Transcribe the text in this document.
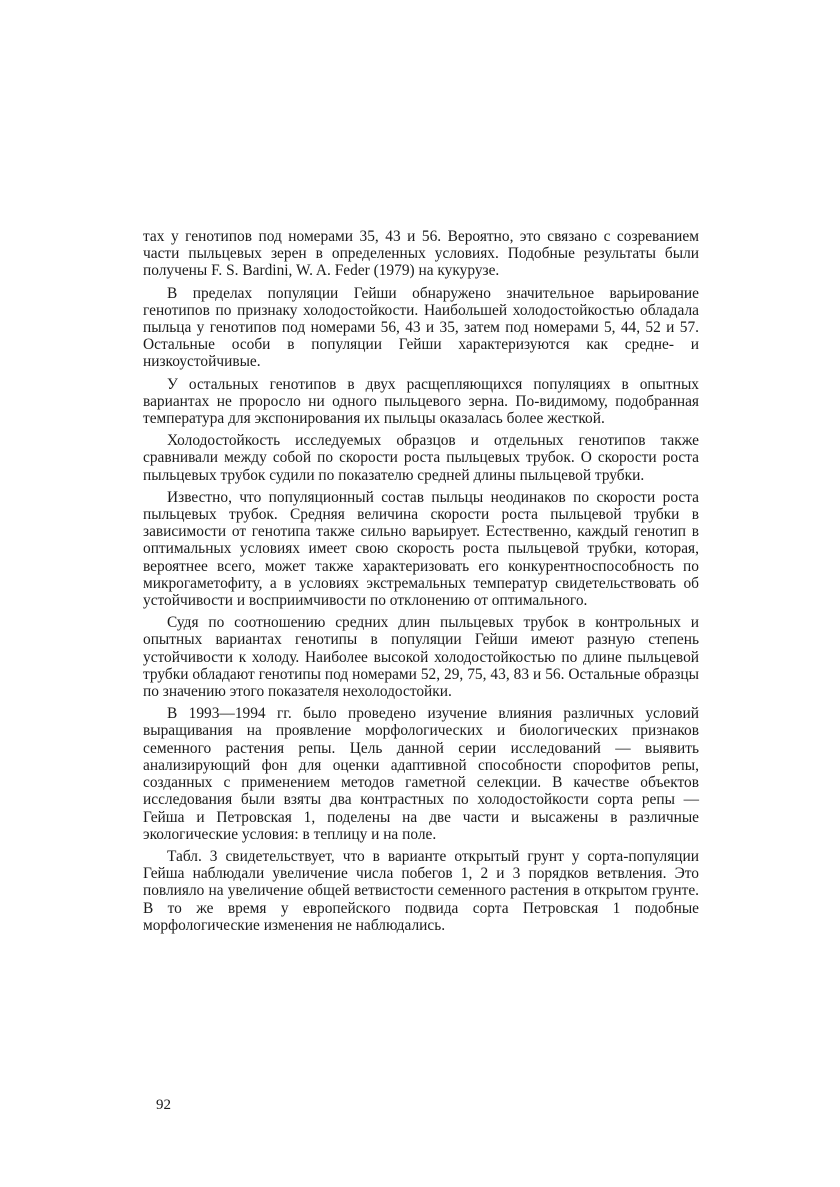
тах у генотипов под номерами 35, 43 и 56. Вероятно, это связано с созреванием части пыльцевых зерен в определенных условиях. Подобные результаты были получены F. S. Bardini, W. A. Feder (1979) на кукурузе.

В пределах популяции Гейши обнаружено значительное варьирование генотипов по признаку холодостойкости. Наибольшей холодостойкостью обладала пыльца у генотипов под номерами 56, 43 и 35, затем под номерами 5, 44, 52 и 57. Остальные особи в популяции Гейши характеризуются как средне- и низкоустойчивые.

У остальных генотипов в двух расщепляющихся популяциях в опытных вариантах не проросло ни одного пыльцевого зерна. По-видимому, подобранная температура для экспонирования их пыльцы оказалась более жесткой.

Холодостойкость исследуемых образцов и отдельных генотипов также сравнивали между собой по скорости роста пыльцевых трубок. О скорости роста пыльцевых трубок судили по показателю средней длины пыльцевой трубки.

Известно, что популяционный состав пыльцы неодинаков по скорости роста пыльцевых трубок. Средняя величина скорости роста пыльцевой трубки в зависимости от генотипа также сильно варьирует. Естественно, каждый генотип в оптимальных условиях имеет свою скорость роста пыльцевой трубки, которая, вероятнее всего, может также характеризовать его конкурентноспособность по микрогаметофиту, а в условиях экстремальных температур свидетельствовать об устойчивости и восприимчивости по отклонению от оптимального.

Судя по соотношению средних длин пыльцевых трубок в контрольных и опытных вариантах генотипы в популяции Гейши имеют разную степень устойчивости к холоду. Наиболее высокой холодостойкостью по длине пыльцевой трубки обладают генотипы под номерами 52, 29, 75, 43, 83 и 56. Остальные образцы по значению этого показателя нехолодостойки.

В 1993—1994 гг. было проведено изучение влияния различных условий выращивания на проявление морфологических и биологических признаков семенного растения репы. Цель данной серии исследований — выявить анализирующий фон для оценки адаптивной способности спорофитов репы, созданных с применением методов гаметной селекции. В качестве объектов исследования были взяты два контрастных по холодостойкости сорта репы — Гейша и Петровская 1, поделены на две части и высажены в различные экологические условия: в теплицу и на поле.

Табл. 3 свидетельствует, что в варианте открытый грунт у сорта-популяции Гейша наблюдали увеличение числа побегов 1, 2 и 3 порядков ветвления. Это повлияло на увеличение общей ветвистости семенного растения в открытом грунте. В то же время у европейского подвида сорта Петровская 1 подобные морфологические изменения не наблюдались.

92
